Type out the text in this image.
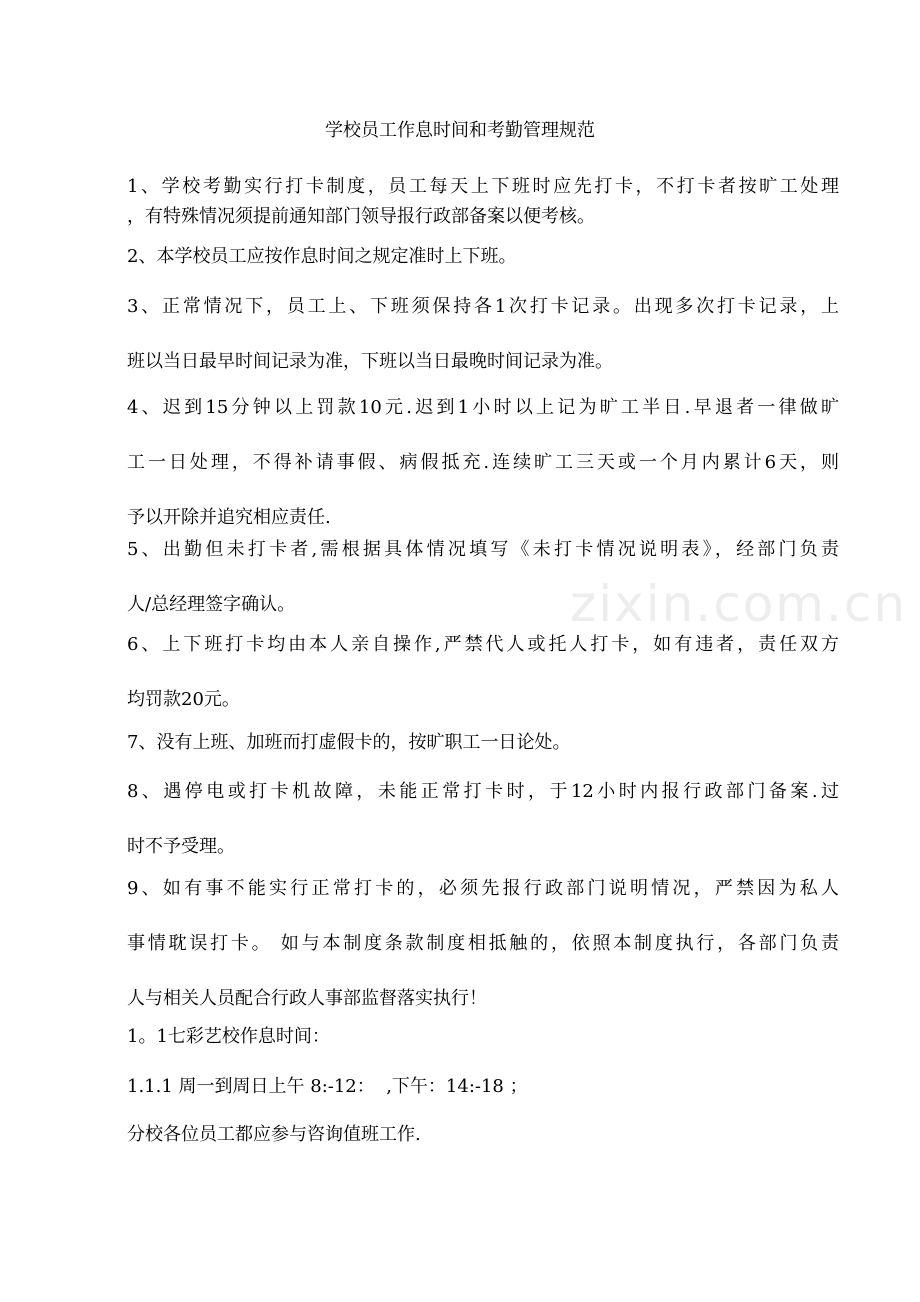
zixin.com.cn
学校员工作息时间和考勤管理规范
1、学校考勤实行打卡制度，员工每天上下班时应先打卡，不打卡者按旷工处理
，有特殊情况须提前通知部门领导报行政部备案以便考核。
2、本学校员工应按作息时间之规定准时上下班。
3、正常情况下，员工上、下班须保持各1次打卡记录。出现多次打卡记录，上
班以当日最早时间记录为准，下班以当日最晚时间记录为准。
4、迟到15分钟以上罚款10元.迟到1小时以上记为旷工半日.早退者一律做旷
工一日处理，不得补请事假、病假抵充.连续旷工三天或一个月内累计6天，则
予以开除并追究相应责任.
5、出勤但未打卡者,需根据具体情况填写《未打卡情况说明表》，经部门负责
人/总经理签字确认。
6、上下班打卡均由本人亲自操作,严禁代人或托人打卡，如有违者，责任双方
均罚款20元。
7、没有上班、加班而打虚假卡的，按旷职工一日论处。
8、遇停电或打卡机故障，未能正常打卡时，于12小时内报行政部门备案.过
时不予受理。
9、如有事不能实行正常打卡的，必须先报行政部门说明情况，严禁因为私人
事情耽误打卡。 如与本制度条款制度相抵触的，依照本制度执行，各部门负责
人与相关人员配合行政人事部监督落实执行！
1。1七彩艺校作息时间：
1.1.1 周一到周日上午 8:-12：  ,下午：14:-18 ；
分校各位员工都应参与咨询值班工作.
